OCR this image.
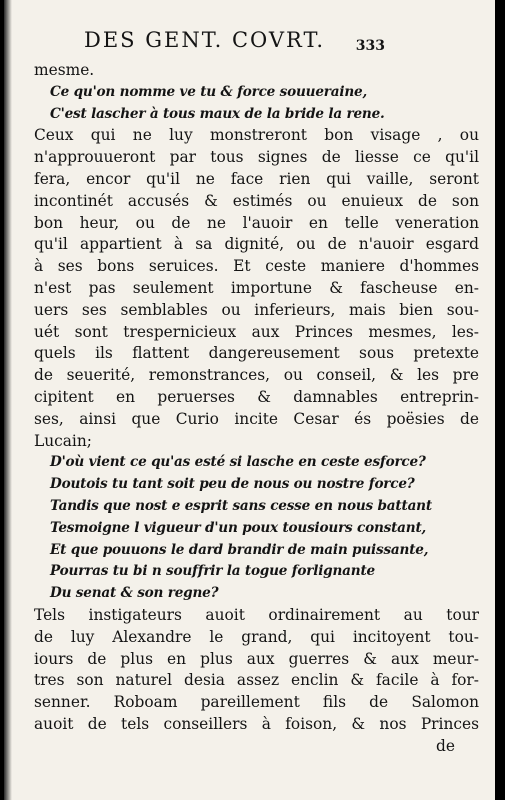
DES GENT. COVRT. 333
mesme.
Ce qu'on nomme ve tu & force souueraine,
C'est lascher à tous maux de la bride la rene.
Ceux qui ne luy monstreront bon visage , ou
n'approuueront par tous signes de liesse ce qu'il
fera, encor qu'il ne face rien qui vaille, seront
incontinét accusés & estimés ou enuieux de son
bon heur, ou de ne l'auoir en telle veneration
qu'il appartient à sa dignité, ou de n'auoir esgard
à ses bons seruices. Et ceste maniere d'hommes
n'est pas seulement importune & fascheuse en-
uers ses semblables ou inferieurs, mais bien sou-
uét sont trespernicieux aux Princes mesmes, les-
quels ils flattent dangereusement sous pretexte
de seuerité, remonstrances, ou conseil, & les pre
cipitent en peruerses & damnables entreprin-
ses, ainsi que Curio incite Cesar és poësies de
Lucain;
D'où vient ce qu'as esté si lasche en ceste esforce?
Doutois tu tant soit peu de nous ou nostre force?
Tandis que nost e esprit sans cesse en nous battant
Tesmoigne l vigueur d'un poux tousiours constant,
Et que pouuons le dard brandir de main puissante,
Pourras tu bi n souffrir la togue forlignante
Du senat & son regne?
Tels instigateurs auoit ordinairement au tour
de luy Alexandre le grand, qui incitoyent tou-
iours de plus en plus aux guerres & aux meur-
tres son naturel desia assez enclin & facile à for-
senner. Roboam pareillement fils de Salomon
auoit de tels conseillers à foison, & nos Princes
de
